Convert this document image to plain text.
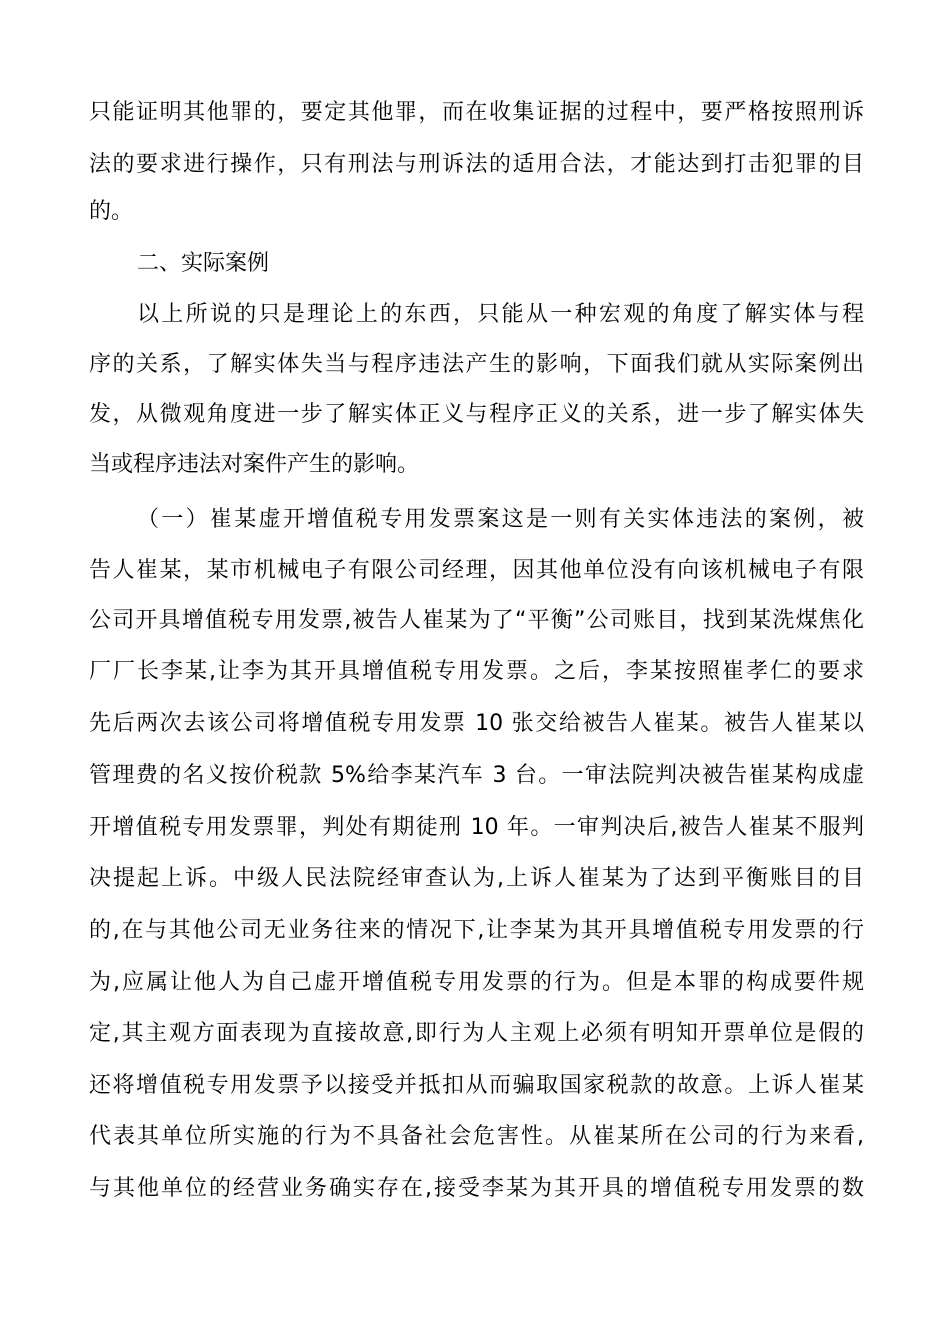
只能证明其他罪的，要定其他罪，而在收集证据的过程中，要严格按照刑诉
法的要求进行操作，只有刑法与刑诉法的适用合法，才能达到打击犯罪的目
的。
二、实际案例
以上所说的只是理论上的东西，只能从一种宏观的角度了解实体与程
序的关系，了解实体失当与程序违法产生的影响，下面我们就从实际案例出
发，从微观角度进一步了解实体正义与程序正义的关系，进一步了解实体失
当或程序违法对案件产生的影响。
（一）崔某虚开增值税专用发票案这是一则有关实体违法的案例，被
告人崔某，某市机械电子有限公司经理，因其他单位没有向该机械电子有限
公司开具增值税专用发票,被告人崔某为了“平衡”公司账目，找到某洗煤焦化
厂厂长李某,让李为其开具增值税专用发票。之后，李某按照崔孝仁的要求
先后两次去该公司将增值税专用发票 10 张交给被告人崔某。被告人崔某以
管理费的名义按价税款 5%给李某汽车 3 台。一审法院判决被告崔某构成虚
开增值税专用发票罪，判处有期徒刑 10 年。一审判决后,被告人崔某不服判
决提起上诉。中级人民法院经审查认为,上诉人崔某为了达到平衡账目的目
的,在与其他公司无业务往来的情况下,让李某为其开具增值税专用发票的行
为,应属让他人为自己虚开增值税专用发票的行为。但是本罪的构成要件规
定,其主观方面表现为直接故意,即行为人主观上必须有明知开票单位是假的
还将增值税专用发票予以接受并抵扣从而骗取国家税款的故意。上诉人崔某
代表其单位所实施的行为不具备社会危害性。从崔某所在公司的行为来看,
与其他单位的经营业务确实存在,接受李某为其开具的增值税专用发票的数
